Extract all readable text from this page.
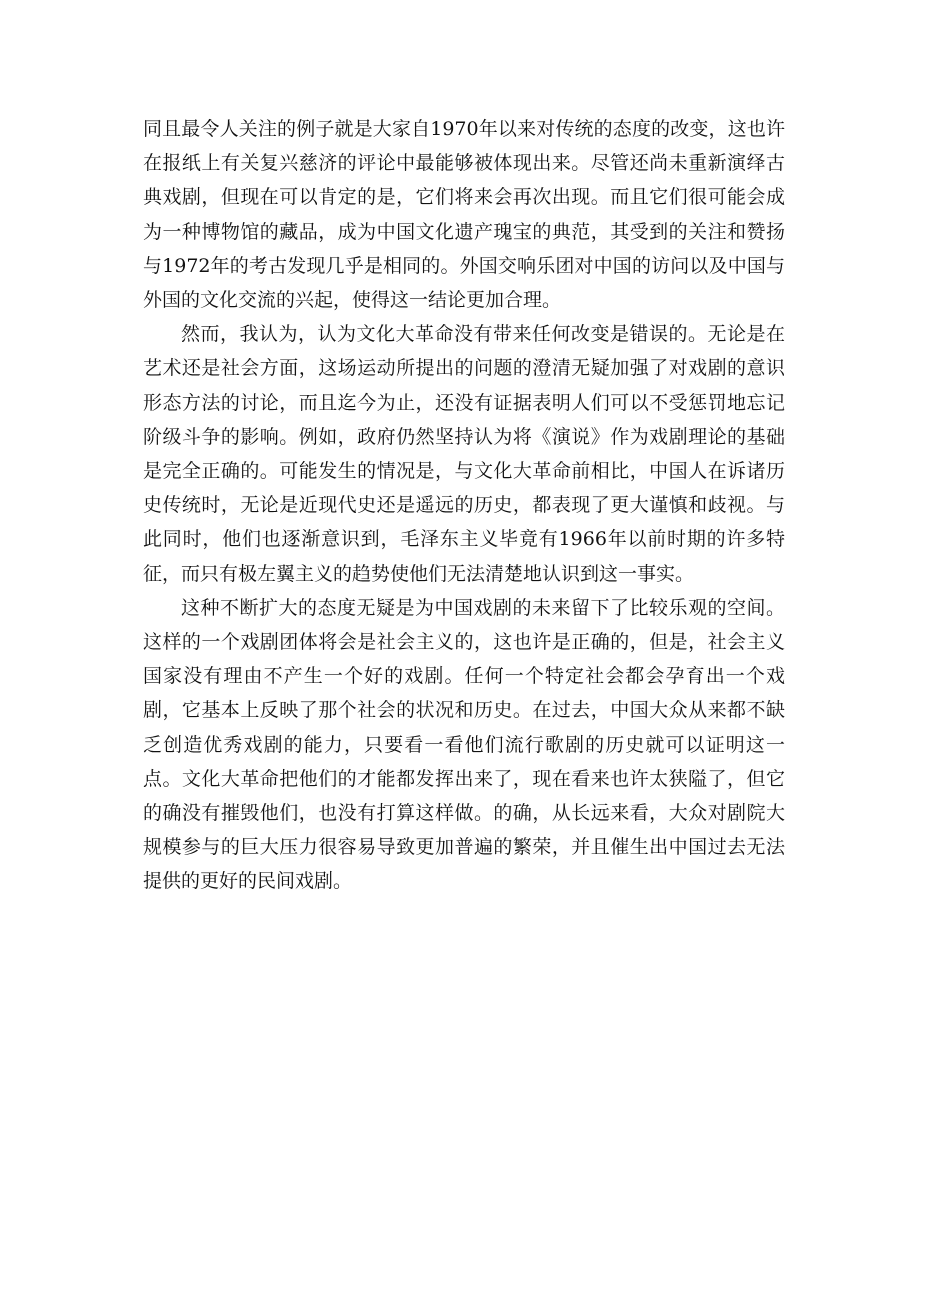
同且最令人关注的例子就是大家自1970年以来对传统的态度的改变，这也许在报纸上有关复兴慈济的评论中最能够被体现出来。尽管还尚未重新演绎古典戏剧，但现在可以肯定的是，它们将来会再次出现。而且它们很可能会成为一种博物馆的藏品，成为中国文化遗产瑰宝的典范，其受到的关注和赞扬与1972年的考古发现几乎是相同的。外国交响乐团对中国的访问以及中国与外国的文化交流的兴起，使得这一结论更加合理。

然而，我认为，认为文化大革命没有带来任何改变是错误的。无论是在艺术还是社会方面，这场运动所提出的问题的澄清无疑加强了对戏剧的意识形态方法的讨论，而且迄今为止，还没有证据表明人们可以不受惩罚地忘记阶级斗争的影响。例如，政府仍然坚持认为将《演说》作为戏剧理论的基础是完全正确的。可能发生的情况是，与文化大革命前相比，中国人在诉诸历史传统时，无论是近现代史还是遥远的历史，都表现了更大谨慎和歧视。与此同时，他们也逐渐意识到，毛泽东主义毕竟有1966年以前时期的许多特征，而只有极左翼主义的趋势使他们无法清楚地认识到这一事实。

这种不断扩大的态度无疑是为中国戏剧的未来留下了比较乐观的空间。这样的一个戏剧团体将会是社会主义的，这也许是正确的，但是，社会主义国家没有理由不产生一个好的戏剧。任何一个特定社会都会孕育出一个戏剧，它基本上反映了那个社会的状况和历史。在过去，中国大众从来都不缺乏创造优秀戏剧的能力，只要看一看他们流行歌剧的历史就可以证明这一点。文化大革命把他们的才能都发挥出来了，现在看来也许太狭隘了，但它的确没有摧毁他们，也没有打算这样做。的确，从长远来看，大众对剧院大规模参与的巨大压力很容易导致更加普遍的繁荣，并且催生出中国过去无法提供的更好的民间戏剧。
